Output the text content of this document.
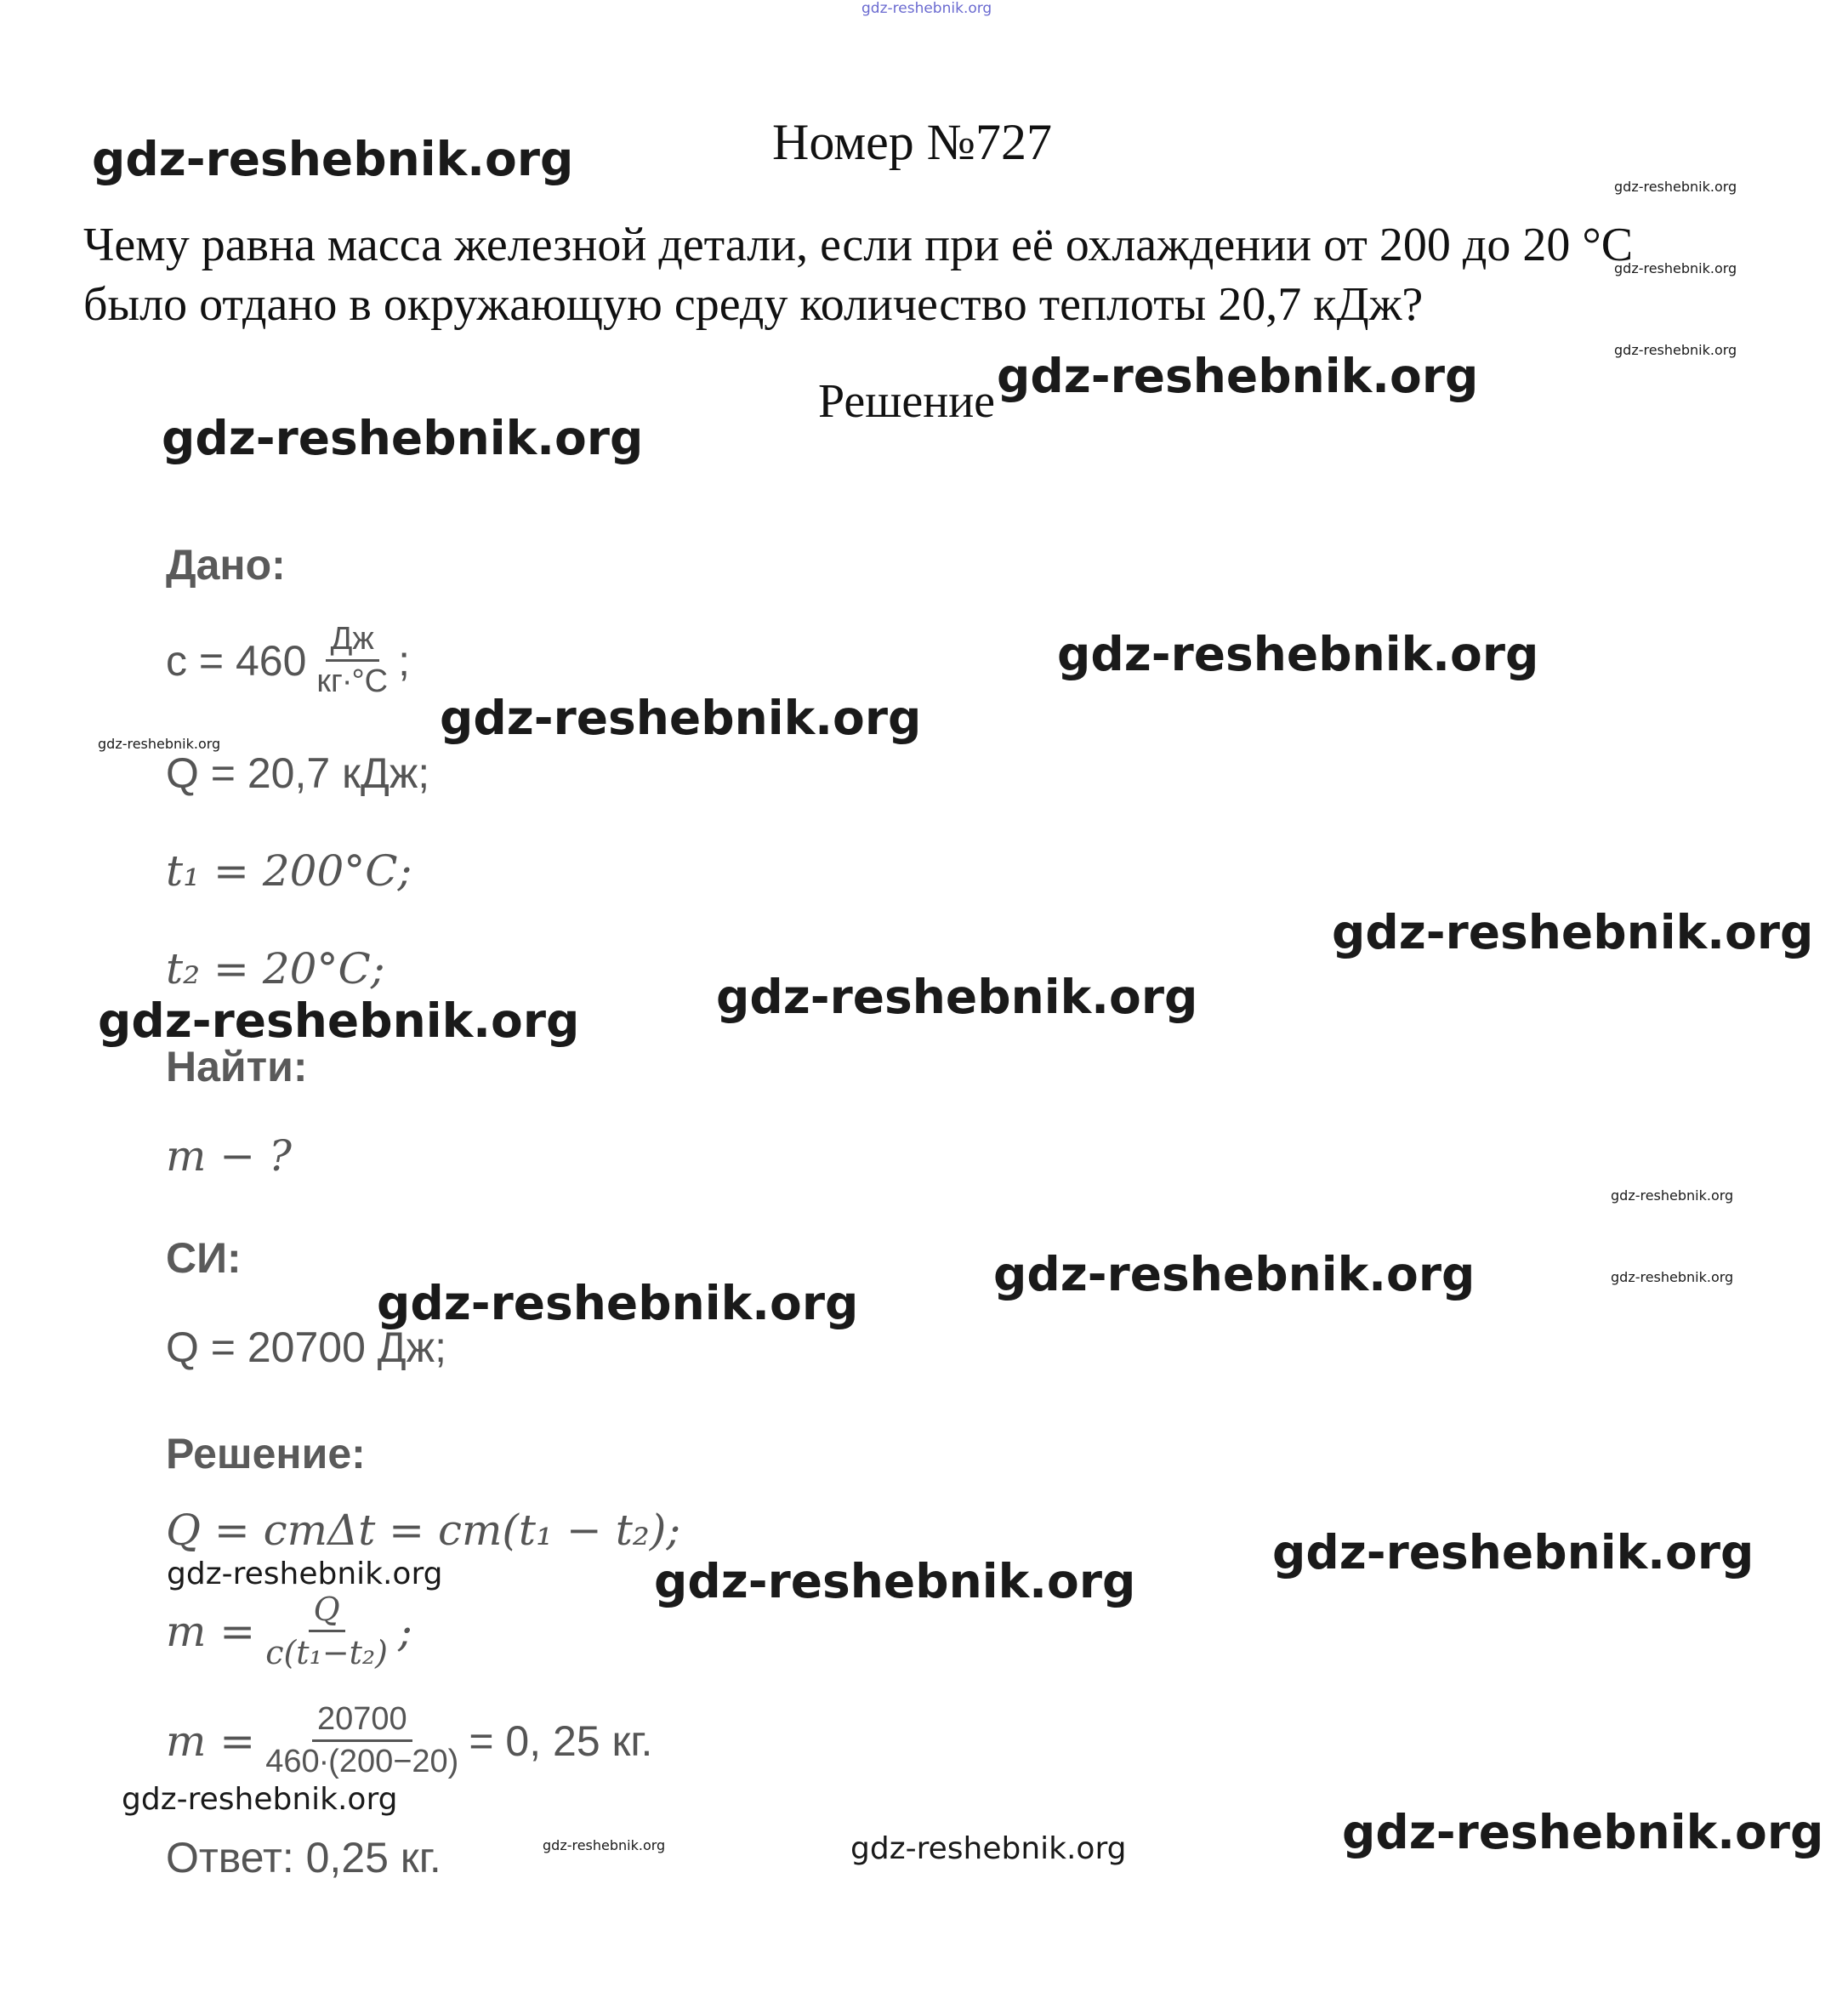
gdz-reshebnik.org
Номер №727
Чему равна масса железной детали, если при её охлаждении от 200 до 20 °С
было отдано в окружающую среду количество теплоты 20,7 кДж?
Решение
Дано:
$c = 460 \frac{Дж}{кг\cdot^\circ С}$ ;
Q = 20,7 кДж;
t₁ = 200°С;
t₂ = 20°С;
Найти:
m − ?
СИ:
Q = 20700 Дж;
Решение:
Q = cmΔt = cm(t₁ − t₂);
$m = \frac{Q}{\text{c(t₁−t₂)}}$ ;
$m = \frac{20700}{460\cdot(200-20)} = 0$, 25 кг.
Ответ: 0,25 кг.
gdz-reshebnik.org
gdz-reshebnik.org
gdz-reshebnik.org
gdz-reshebnik.org
gdz-reshebnik.org
gdz-reshebnik.org
gdz-reshebnik.org
gdz-reshebnik.org
gdz-reshebnik.org
gdz-reshebnik.org
gdz-reshebnik.org
gdz-reshebnik.org
gdz-reshebnik.org
gdz-reshebnik.org
gdz-reshebnik.org
gdz-reshebnik.org
gdz-reshebnik.org
gdz-reshebnik.org	gdz-reshebnik.org
gdz-reshebnik.org
gdz-reshebnik.org
gdz-reshebnik.org	gdz-reshebnik.org
